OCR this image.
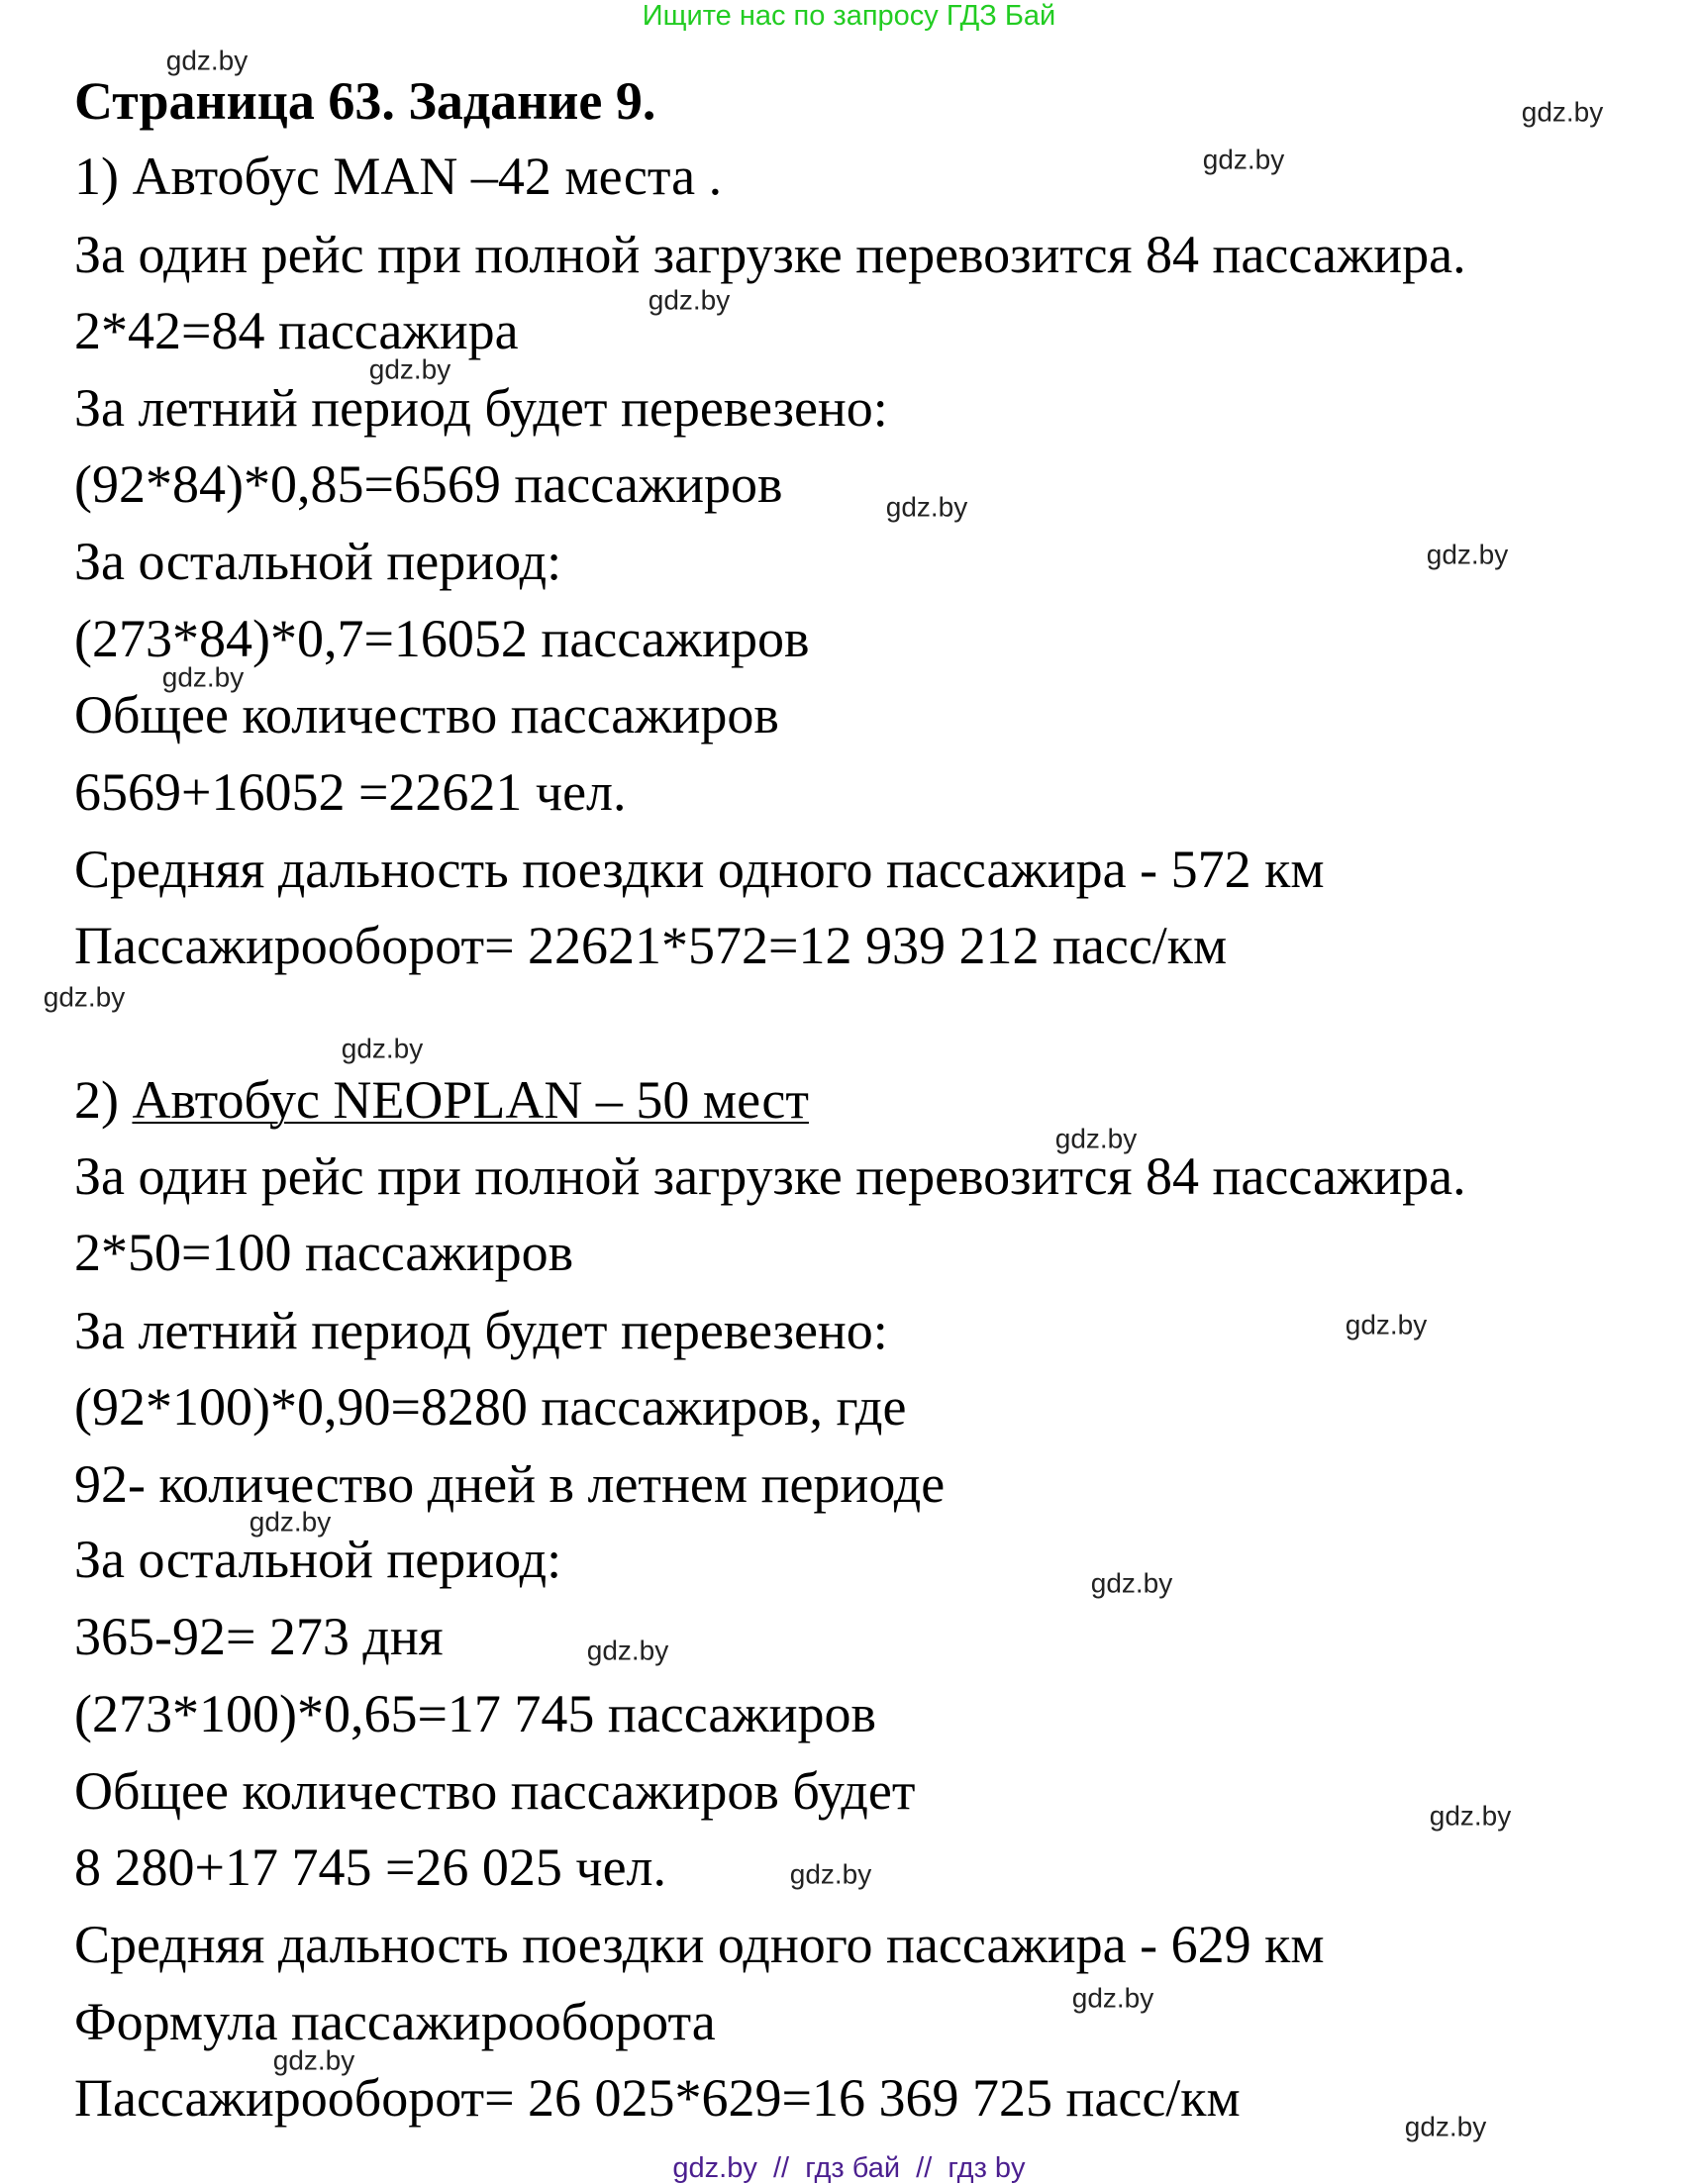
Ищите нас по запросу ГДЗ Бай
Страница 63. Задание 9.
1) Автобус MAN –42 места .
За один рейс при полной загрузке перевозится 84 пассажира.
2*42=84 пассажира
За летний период будет перевезено:
(92*84)*0,85=6569 пассажиров
За остальной период:
(273*84)*0,7=16052 пассажиров
Общее количество пассажиров
6569+16052 =22621 чел.
Средняя дальность поездки одного пассажира - 572 км
Пассажирооборот= 22621*572=12 939 212 пасс/км
2) Автобус NEOPLAN – 50 мест
За один рейс при полной загрузке перевозится 84 пассажира.
2*50=100 пассажиров
За летний период будет перевезено:
(92*100)*0,90=8280 пассажиров, где
92- количество дней в летнем периоде
За остальной период:
365-92= 273 дня
(273*100)*0,65=17 745 пассажиров
Общее количество пассажиров будет
8 280+17 745 =26 025 чел.
Средняя дальность поездки одного пассажира - 629 км
Формула пассажирооборота
Пассажирооборот= 26 025*629=16 369 725 пасс/км
gdz.by
gdz.by
gdz.by
gdz.by
gdz.by
gdz.by
gdz.by
gdz.by
gdz.by
gdz.by
gdz.by
gdz.by
gdz.by
gdz.by
gdz.by
gdz.by
gdz.by
gdz.by
gdz.by
gdz.by
gdz.by  //  гдз бай  //  гдз by
